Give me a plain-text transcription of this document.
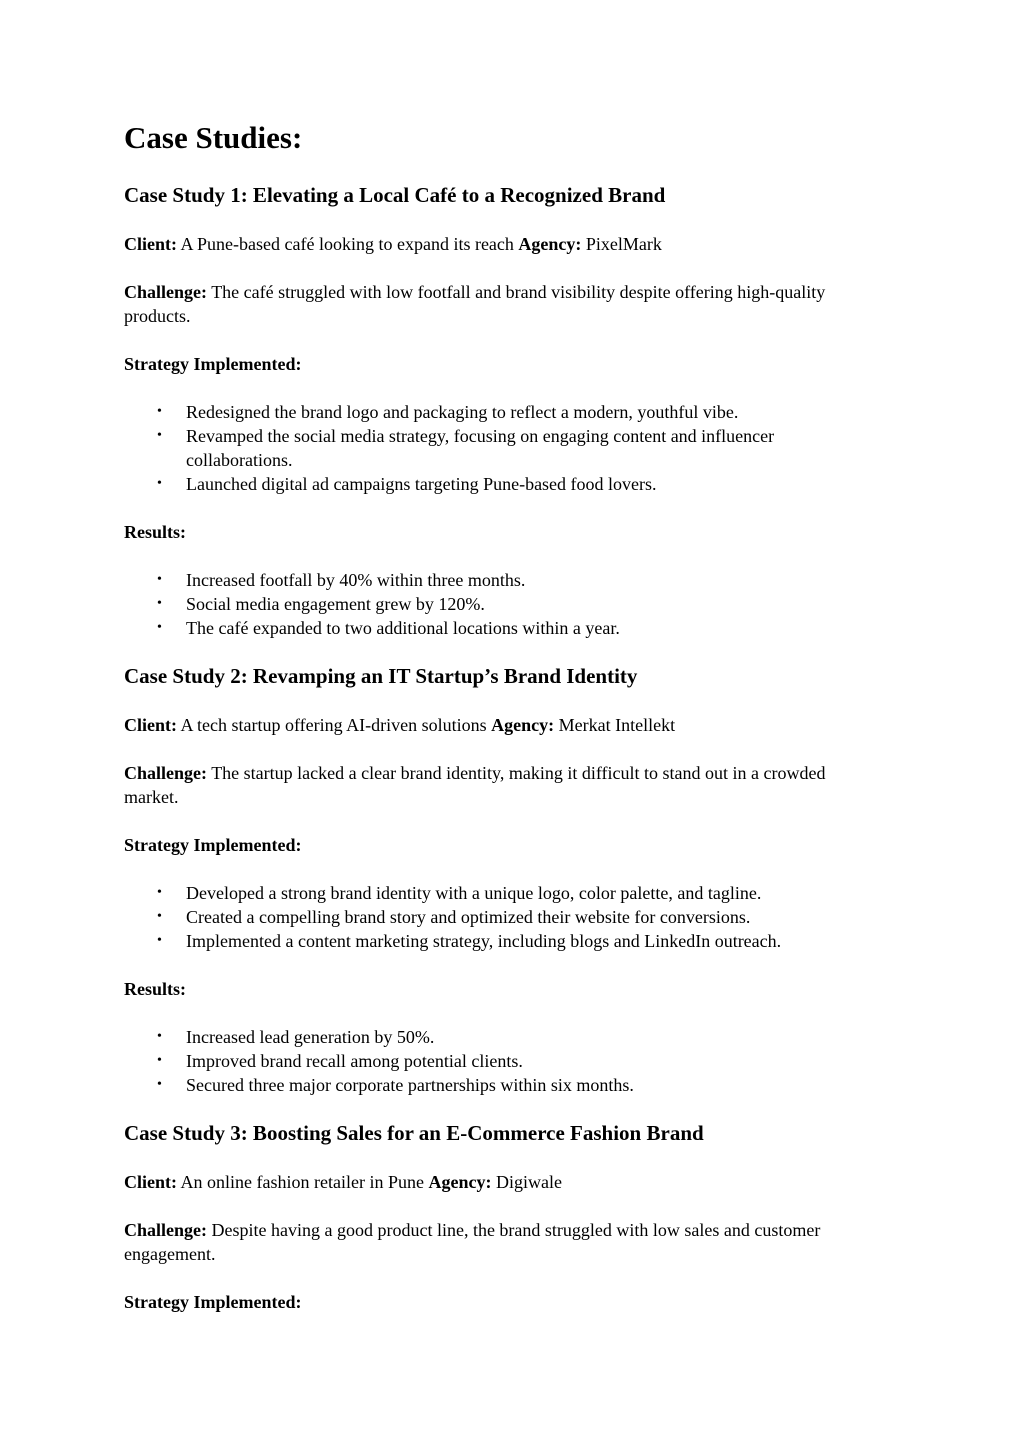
Case Studies:
Case Study 1: Elevating a Local Café to a Recognized Brand

Client: A Pune-based café looking to expand its reach Agency: PixelMark

Challenge: The café struggled with low footfall and brand visibility despite offering high-quality products.

Strategy Implemented:

• Redesigned the brand logo and packaging to reflect a modern, youthful vibe.
• Revamped the social media strategy, focusing on engaging content and influencer collaborations.
• Launched digital ad campaigns targeting Pune-based food lovers.

Results:

• Increased footfall by 40% within three months.
• Social media engagement grew by 120%.
• The café expanded to two additional locations within a year.
Case Study 2: Revamping an IT Startup’s Brand Identity

Client: A tech startup offering AI-driven solutions Agency: Merkat Intellekt

Challenge: The startup lacked a clear brand identity, making it difficult to stand out in a crowded market.

Strategy Implemented:

• Developed a strong brand identity with a unique logo, color palette, and tagline.
• Created a compelling brand story and optimized their website for conversions.
• Implemented a content marketing strategy, including blogs and LinkedIn outreach.

Results:

• Increased lead generation by 50%.
• Improved brand recall among potential clients.
• Secured three major corporate partnerships within six months.
Case Study 3: Boosting Sales for an E-Commerce Fashion Brand

Client: An online fashion retailer in Pune Agency: Digiwale

Challenge: Despite having a good product line, the brand struggled with low sales and customer engagement.

Strategy Implemented:
